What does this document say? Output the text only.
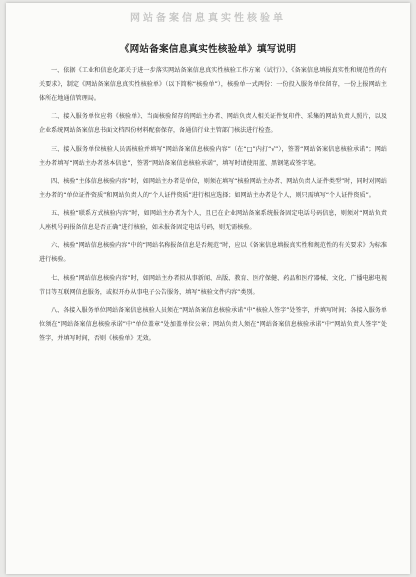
网站备案信息真实性核验单
《网站备案信息真实性核验单》填写说明

一、依据《工业和信息化部关于进一步落实网站备案信息真实性核验工作方案（试行）》、《备案信息填报真实性和规范性的有关要求》，制定《网站备案信息真实性核验单》（以下简称“核验单”），核验单一式两份：一份投入服务单位留存，一份上报网站主体所在地通信管理局。

二、接入服务单位应将《核验单》、当面核验留存的网站主办者、网站负责人相关证件复印件、采集的网站负责人照片，以及企业系统网站备案信息书面文档四份材料配套保存，备通信行业主管部门核法进行检查。

三、接入服务单位核验人员需核验并填写“网站备案信息核验内容”（在“□”内打“√”），签署“网站备案信息核验承诺”；网站主办者填写“网站主办者基本信息”，签署“网站备案信息核验承诺”，填写时请使用蓝、黑钢笔或签字笔。

四、核验“主体信息核验内容”时，如网站主办者是单位，则须在填写“核验网站主办者、网站负责人证件类型”时，同时对网站主办者的“单位证件资质”和网站负责人的“个人证件资质”进行相应选择；如网站主办者是个人，则只需填写“个人证件资质”。

五、核验“联系方式核验内容”时，如网站主办者为个人，且已在企业网站备案系统报备固定电话号码信息，则须对“网站负责人座机号码报备信息是否正确”进行核验，如未报备固定电话号码，则无需核验。

六、核验“网站信息核验内容”中的“网站名称报备信息是否规范”时，应以《备案信息填报真实性和规范性的有关要求》为标准进行核验。

七、核验“网站信息核验内容”时，如网站主办者拟从事新闻、出版、教育、医疗保健、药品和医疗器械、文化、广播电影电视节目等互联网信息服务，或拟开办从事电子公告服务，填写“核验文件内容”类别。

八、各接入服务单位网站备案信息核验人员须在“网站备案信息核验承诺”中“核验人签字”处签字，并填写时间；各接入服务单位须在“网站备案信息核验承诺”中“单位盖章”处加盖单位公章；网站负责人须在“网站备案信息核验承诺”中“网站负责人签字”处签字，并填写时间，否则《核验单》无效。
